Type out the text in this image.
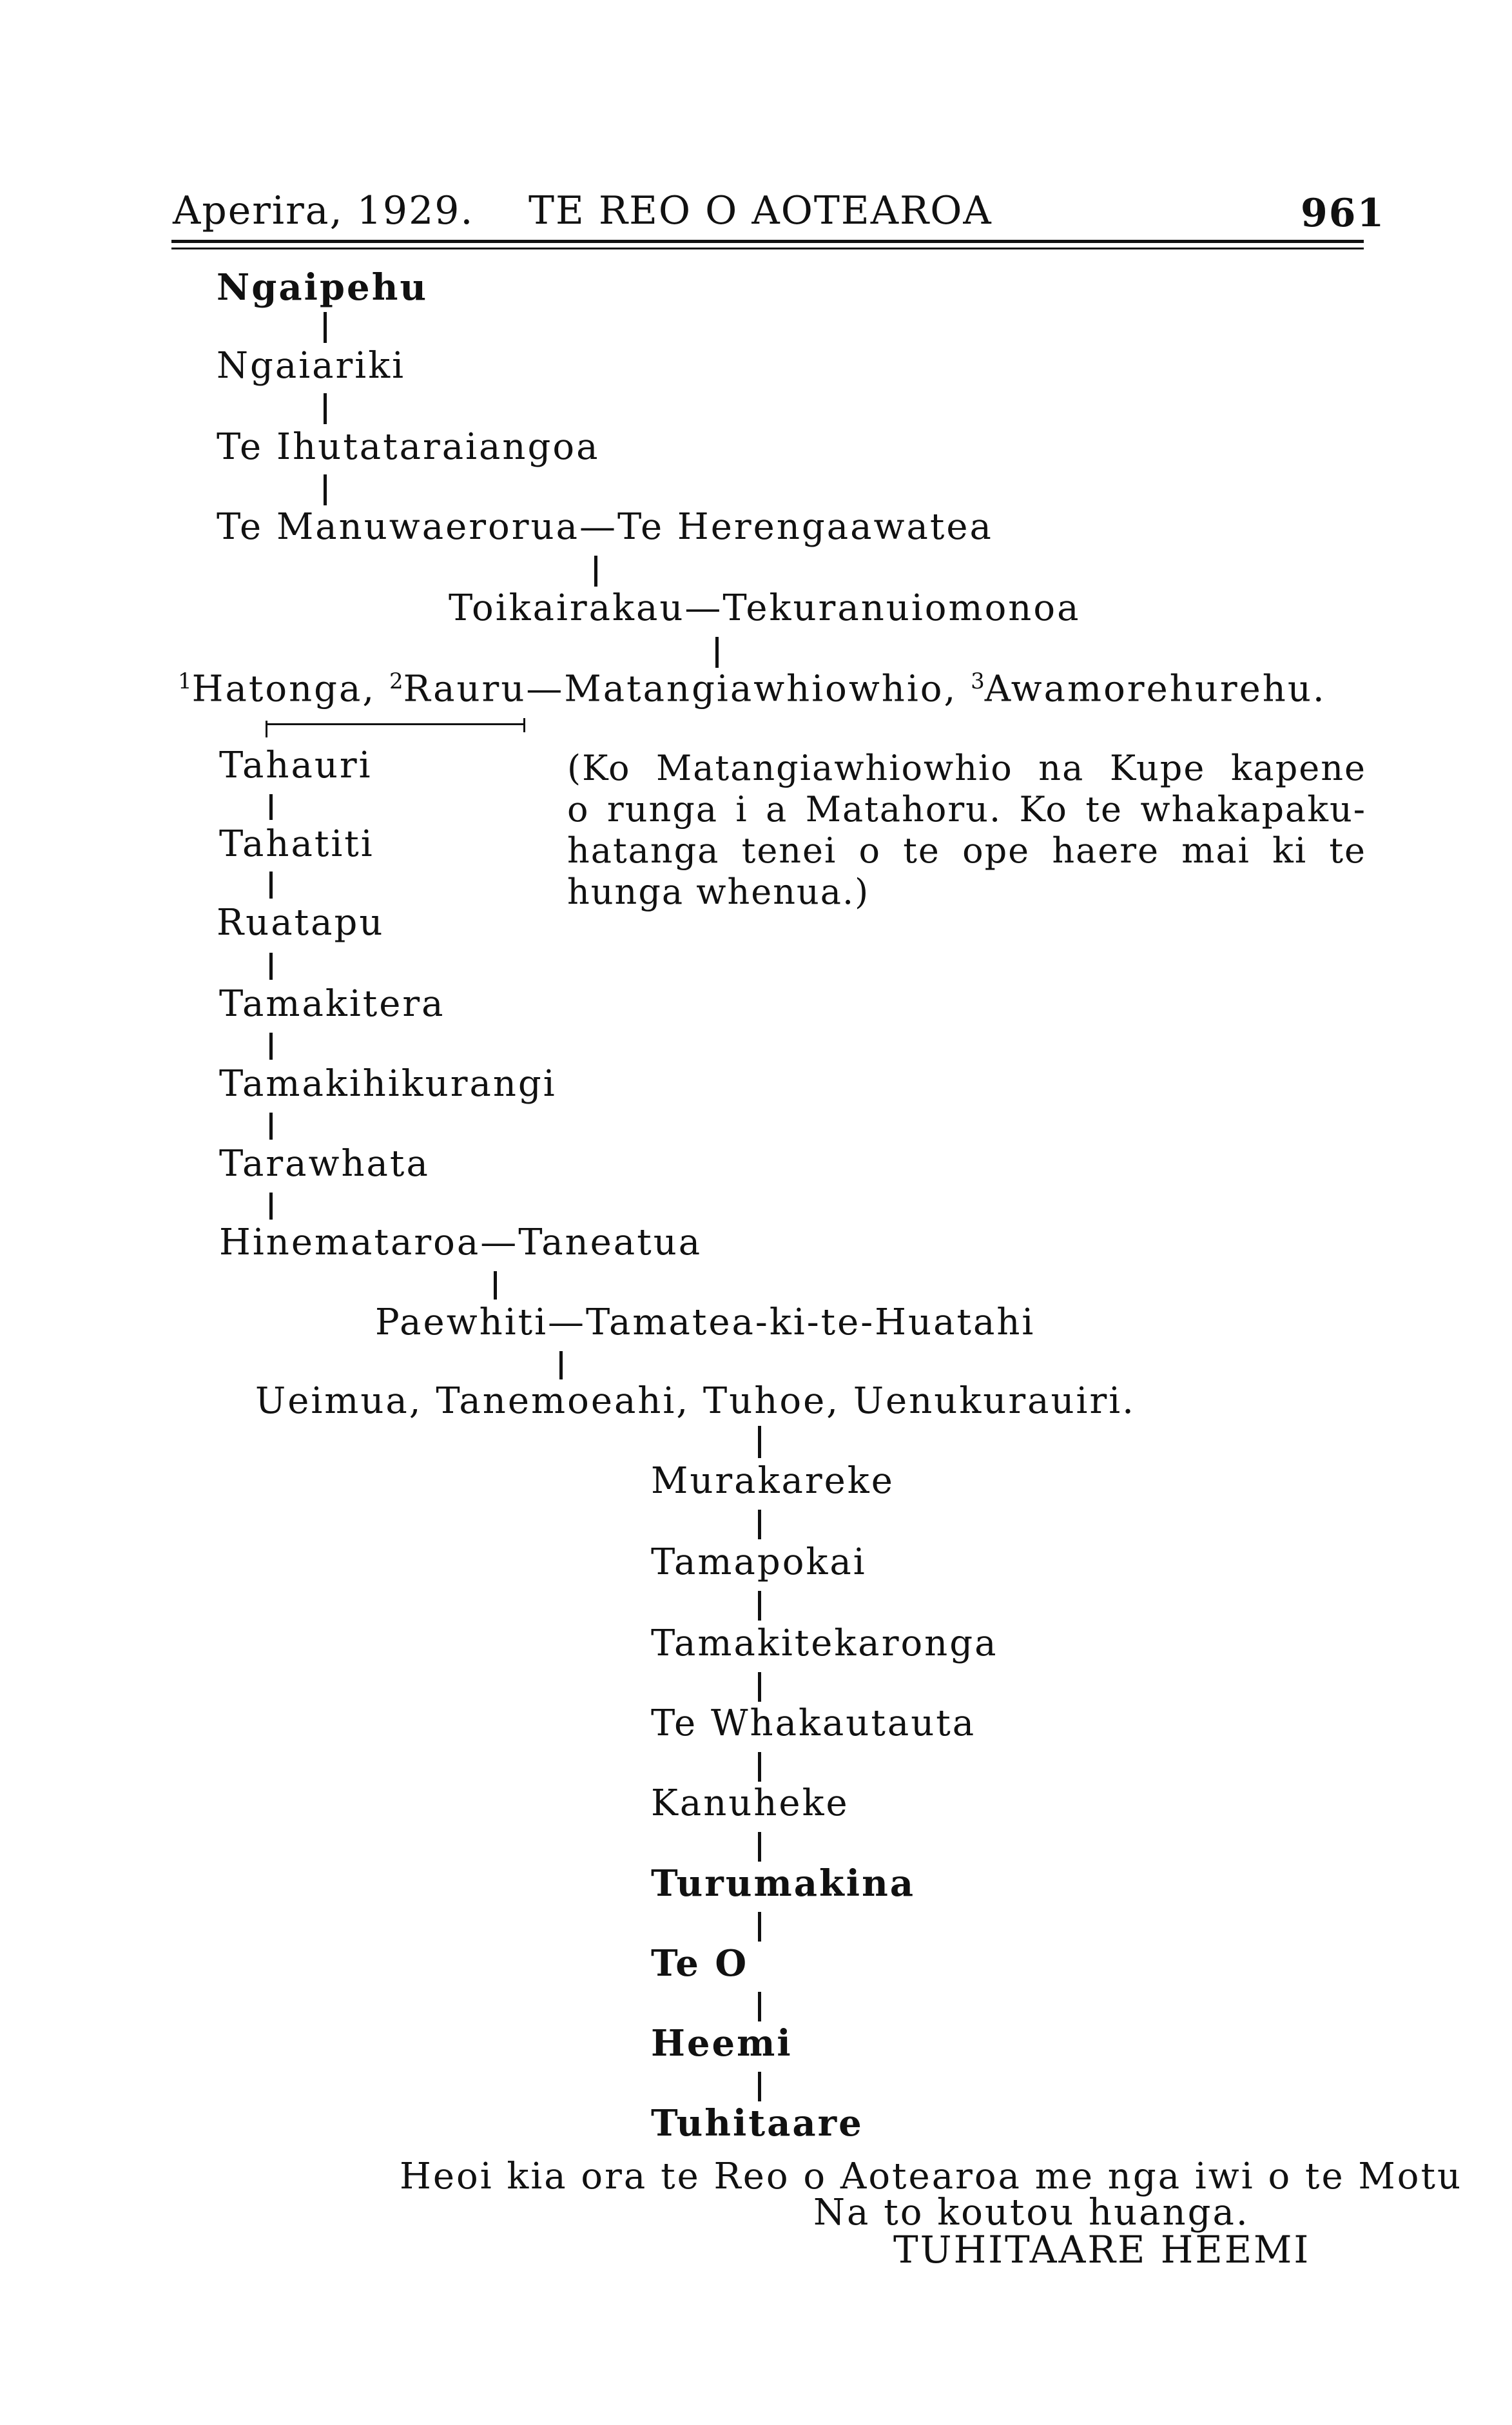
Aperira, 1929. TE REO O AOTEAROA	961
Ngaipehu
Ngaiariki
Te Ihutataraiangoa
Te Manuwaerorua—Te Herengaawatea
Toikairakau—Tekuranuiomonoa
$^1$Hatonga, $^2$Rauru—Matangiawhiowhio, $^3$Awamorehurehu.
Tahauri
Tahatiti
Ruatapu
Tamakitera
Tamakihikurangi
Tarawhata
(Ko Matangiawhiowhio na Kupe kapene
o runga i a Matahoru. Ko te whakapaku-
hatanga tenei o te ope haere mai ki te
hunga whenua.)
Hinemataroa—Taneatua
Paewhiti—Tamatea-ki-te-Huatahi
Ueimua, Tanemoeahi, Tuhoe, Uenukurauiri.
Murakareke
Tamapokai
Tamakitekaronga
Te Whakautauta
Kanuheke
Turumakina
Te O
Heemi
Tuhitaare
Heoi kia ora te Reo o Aotearoa me nga iwi o te Motu
Na to koutou huanga.
TUHITAARE HEEMI
